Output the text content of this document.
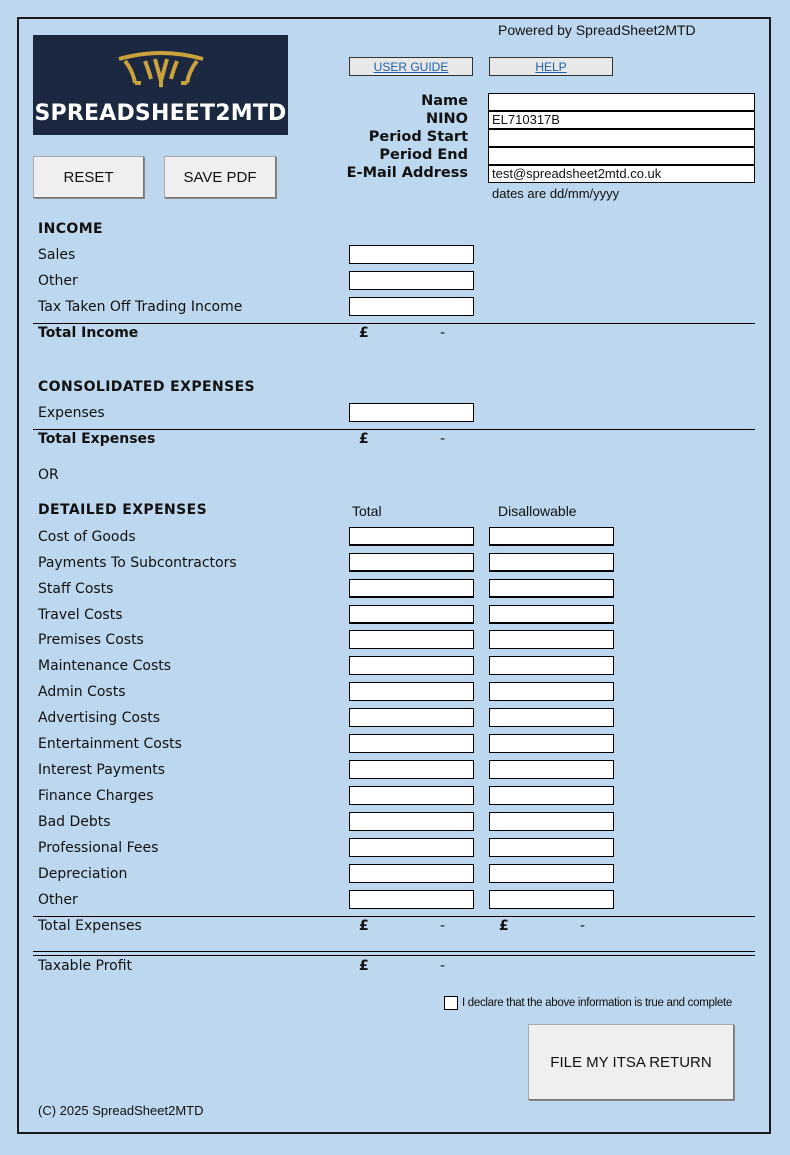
Powered by SpreadSheet2MTD
SPREADSHEET2MTD
USER GUIDE	HELP
RESET	SAVE PDF
Name
NINO	EL710317B
Period Start
Period End
E-Mail Address	test@spreadsheet2mtd.co.uk
dates are dd/mm/yyyy
INCOME
Sales
Other
Tax Taken Off Trading Income
Total Income	£	-
CONSOLIDATED EXPENSES
Expenses
Total Expenses	£	-
OR
DETAILED EXPENSES	Total	Disallowable
Cost of Goods
Payments To Subcontractors
Staff Costs
Travel Costs
Premises Costs
Maintenance Costs
Admin Costs
Advertising Costs
Entertainment Costs
Interest Payments
Finance Charges
Bad Debts
Professional Fees
Depreciation
Other
Total Expenses	£	-	£	-
Taxable Profit	£	-
I declare that the above information is true and complete
FILE MY ITSA RETURN
(C) 2025 SpreadSheet2MTD
